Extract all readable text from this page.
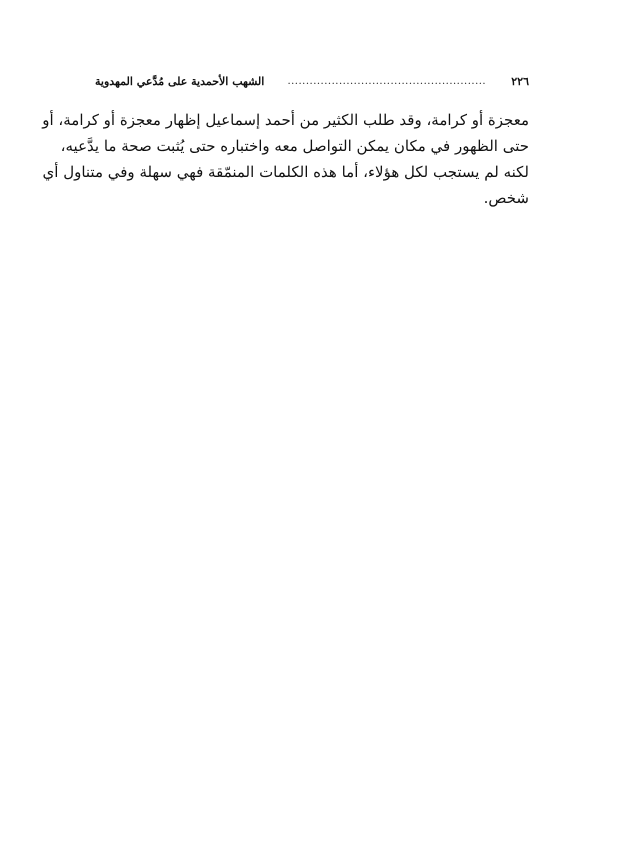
٢٢٦
......................................................
الشهب الأحمدية على مُدَّعي المهدوية
معجزة أو كرامة، وقد طلب الكثير من أحمد إسماعيل إظهار معجزة أو كرامة، أو
حتى الظهور في مكان يمكن التواصل معه واختباره حتى يُثبت صحة ما يدَّعيه،
لكنه لم يستجب لكل هؤلاء، أما هذه الكلمات المنمّقة فهي سهلة وفي متناول أي
شخص.
